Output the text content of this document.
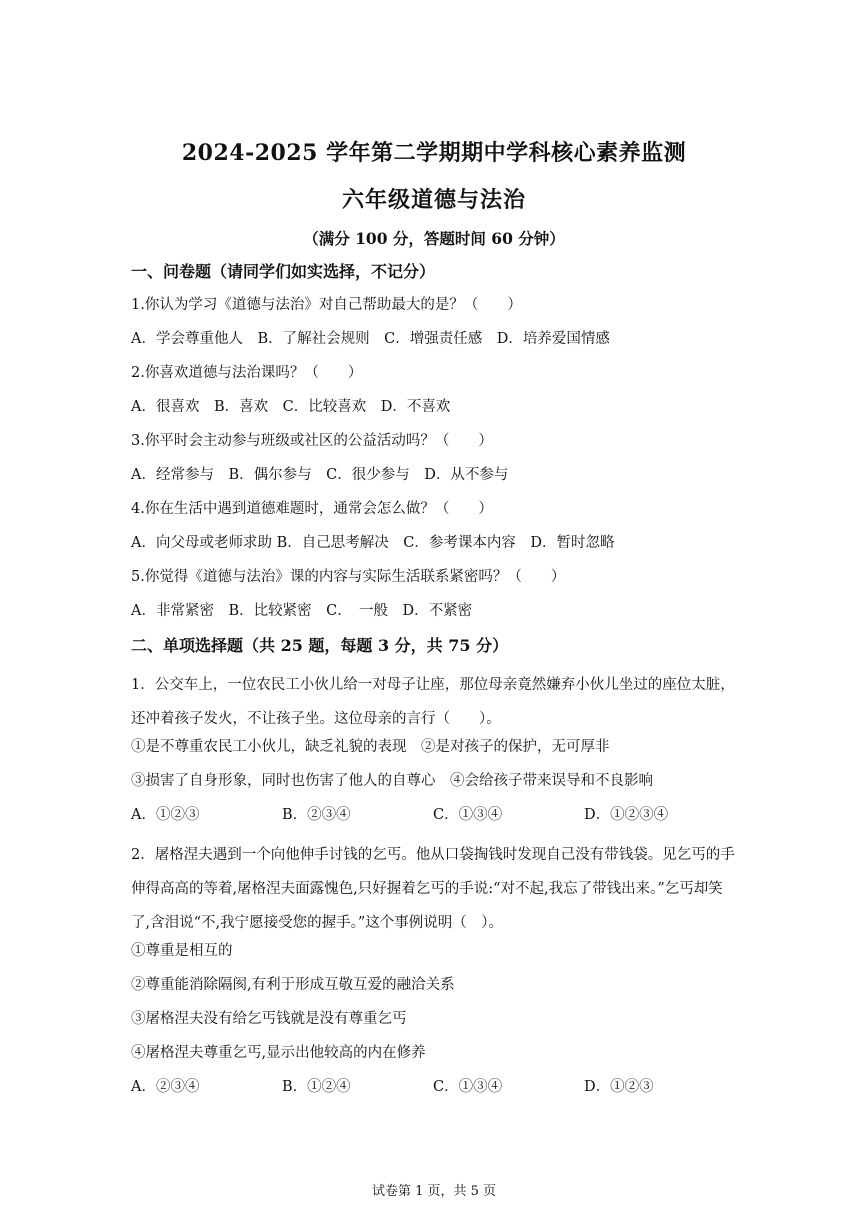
2024-2025 学年第二学期期中学科核心素养监测
六年级道德与法治
（满分 100 分，答题时间 60 分钟）
一、问卷题（请同学们如实选择，不记分）
1.你认为学习《道德与法治》对自己帮助最大的是？（　　）
A．学会尊重他人　B．了解社会规则　C．增强责任感　D．培养爱国情感
2.你喜欢道德与法治课吗？（　　）
A．很喜欢　B．喜欢　C．比较喜欢　D．不喜欢
3.你平时会主动参与班级或社区的公益活动吗？（　　）
A．经常参与　B．偶尔参与　C．很少参与　D．从不参与
4.你在生活中遇到道德难题时，通常会怎么做？（　　）
A．向父母或老师求助 B．自己思考解决　C．参考课本内容　D．暂时忽略
5.你觉得《道德与法治》课的内容与实际生活联系紧密吗？（　　）
A．非常紧密　B．比较紧密　C．　一般　D．不紧密
二、单项选择题（共 25 题，每题 3 分，共 75 分）
1．公交车上，一位农民工小伙儿给一对母子让座，那位母亲竟然嫌弃小伙儿坐过的座位太脏，还冲着孩子发火，不让孩子坐。这位母亲的言行（　　）。
①是不尊重农民工小伙儿，缺乏礼貌的表现　②是对孩子的保护，无可厚非
③损害了自身形象，同时也伤害了他人的自尊心　④会给孩子带来误导和不良影响
A．①②③	B．②③④	C．①③④	D．①②③④
2．屠格涅夫遇到一个向他伸手讨钱的乞丐。他从口袋掏钱时发现自己没有带钱袋。见乞丐的手伸得高高的等着,屠格涅夫面露愧色,只好握着乞丐的手说:“对不起,我忘了带钱出来。”乞丐却笑了,含泪说“不,我宁愿接受您的握手。”这个事例说明（　）。
①尊重是相互的
②尊重能消除隔阂,有利于形成互敬互爱的融洽关系
③屠格涅夫没有给乞丐钱就是没有尊重乞丐
④屠格涅夫尊重乞丐,显示出他较高的内在修养
A．②③④	B．①②④	C．①③④	D．①②③
试卷第 1 页，共 5 页
